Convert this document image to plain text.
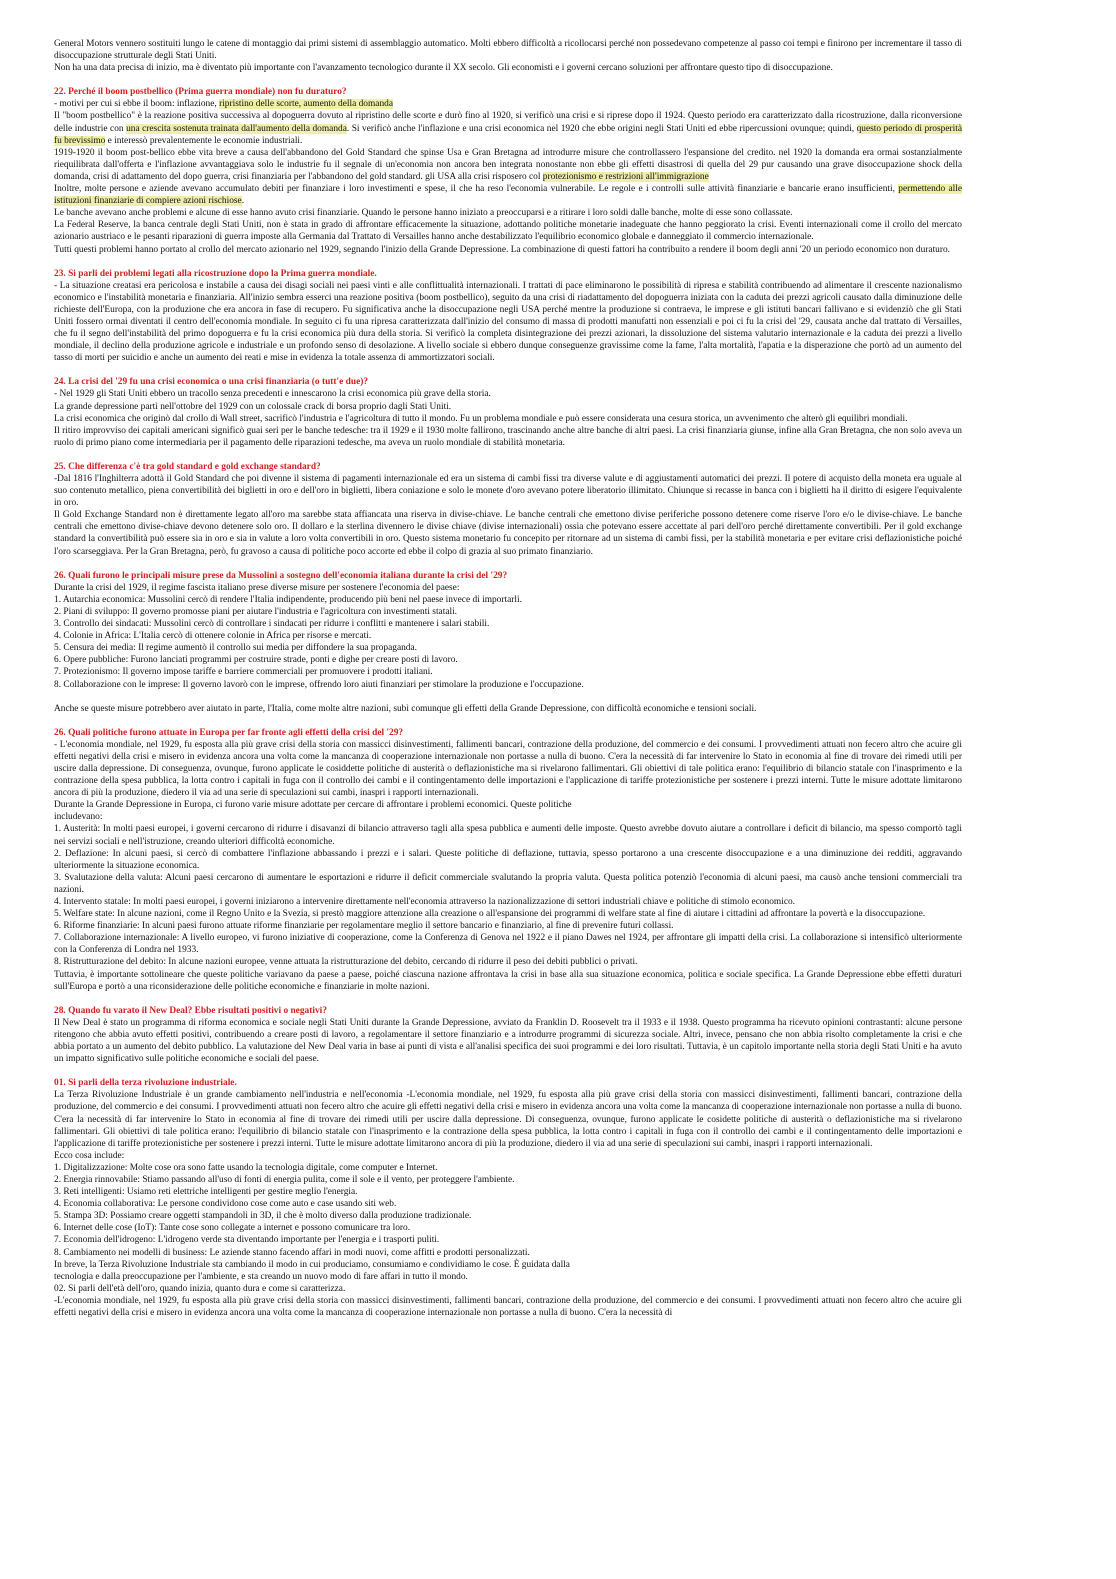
General Motors vennero sostituiti lungo le catene di montaggio dai primi sistemi di assemblaggio automatico. Molti ebbero difficoltà a ricollocarsi perché non possedevano competenze al passo coi tempi e finirono per incrementare il tasso di disoccupazione strutturale degli Stati Uniti.

Non ha una data precisa di inizio, ma è diventato più importante con l'avanzamento tecnologico durante il XX secolo. Gli economisti e i governi cercano soluzioni per affrontare questo tipo di disoccupazione.

22. Perché il boom postbellico (Prima guerra mondiale) non fu duraturo?

- motivi per cui si ebbe il boom: inflazione, ripristino delle scorte, aumento della domanda

Il "boom postbellico" è la reazione positiva successiva al dopoguerra dovuto al ripristino delle scorte e durò fino al 1920, si verificò una crisi e si riprese dopo il 1924. Questo periodo era caratterizzato dalla ricostruzione, dalla riconversione delle industrie con una crescita sostenuta trainata dall'aumento della domanda. Si verificò anche l'inflazione e una crisi economica nel 1920 che ebbe origini negli Stati Uniti ed ebbe ripercussioni ovunque; quindi, questo periodo di prosperità fu brevissimo e interessò prevalentemente le economie industriali.

1919-1920 il boom post-bellico ebbe vita breve a causa dell'abbandono del Gold Standard che spinse Usa e Gran Bretagna ad introdurre misure che controllassero l'espansione del credito. nel 1920 la domanda era ormai sostanzialmente riequilibrata dall'offerta e l'inflazione avvantaggiava solo le industrie fu il segnale di un'economia non ancora ben integrata nonostante non ebbe gli effetti disastrosi di quella del 29 pur causando una grave disoccupazione shock della domanda, crisi di adattamento del dopo guerra, crisi finanziaria per l'abbandono del gold standard. gli USA alla crisi risposero col protezionismo e restrizioni all'immigrazione

Inoltre, molte persone e aziende avevano accumulato debiti per finanziare i loro investimenti e spese, il che ha reso l'economia vulnerabile. Le regole e i controlli sulle attività finanziarie e bancarie erano insufficienti, permettendo alle istituzioni finanziarie di compiere azioni rischiose.

Le banche avevano anche problemi e alcune di esse hanno avuto crisi finanziarie. Quando le persone hanno iniziato a preoccuparsi e a ritirare i loro soldi dalle banche, molte di esse sono collassate.

La Federal Reserve, la banca centrale degli Stati Uniti, non è stata in grado di affrontare efficacemente la situazione, adottando politiche monetarie inadeguate che hanno peggiorato la crisi. Eventi internazionali come il crollo del mercato azionario austriaco e le pesanti riparazioni di guerra imposte alla Germania dal Trattato di Versailles hanno anche destabilizzato l'equilibrio economico globale e danneggiato il commercio internazionale.

Tutti questi problemi hanno portato al crollo del mercato azionario nel 1929, segnando l'inizio della Grande Depressione. La combinazione di questi fattori ha contribuito a rendere il boom degli anni '20 un periodo economico non duraturo.

23. Si parli dei problemi legati alla ricostruzione dopo la Prima guerra mondiale.

- La situazione creatasi era pericolosa e instabile a causa dei disagi sociali nei paesi vinti e alle conflittualità internazionali. I trattati di pace eliminarono le possibilità di ripresa e stabilità contribuendo ad alimentare il crescente nazionalismo economico e l'instabilità monetaria e finanziaria. All'inizio sembra esserci una reazione positiva (boom postbellico), seguito da una crisi di riadattamento del dopoguerra iniziata con la caduta dei prezzi agricoli causato dalla diminuzione delle richieste dell'Europa, con la produzione che era ancora in fase di recupero. Fu significativa anche la disoccupazione negli USA perché mentre la produzione si contraeva, le imprese e gli istituti bancari fallivano e si evidenziò che gli Stati Uniti fossero ormai diventati il centro dell'economia mondiale. In seguito ci fu una ripresa caratterizzata dall'inizio del consumo di massa di prodotti manufatti non essenziali e poi ci fu la crisi del '29, causata anche dal trattato di Versailles, che fu il segno dell'instabilità del primo dopoguerra e fu la crisi economica più dura della storia. Si verificò la completa disintegrazione dei prezzi azionari, la dissoluzione del sistema valutario internazionale e la caduta dei prezzi a livello mondiale, il declino della produzione agricole e industriale e un profondo senso di desolazione. A livello sociale si ebbero dunque conseguenze gravissime come la fame, l'alta mortalità, l'apatia e la disperazione che portò ad un aumento del tasso di morti per suicidio e anche un aumento dei reati e mise in evidenza la totale assenza di ammortizzatori sociali.

24. La crisi del '29 fu una crisi economica o una crisi finanziaria (o tutt'e due)?

- Nel 1929 gli Stati Uniti ebbero un tracollo senza precedenti e innescarono la crisi economica più grave della storia.

La grande depressione partì nell'ottobre del 1929 con un colossale crack di borsa proprio dagli Stati Uniti.

La crisi economica che originò dal crollo di Wall street, sacrificò l'industria e l'agricoltura di tutto il mondo. Fu un problema mondiale e può essere considerata una cesura storica, un avvenimento che alterò gli equilibri mondiali.

Il ritiro improvviso dei capitali americani significò guai seri per le banche tedesche: tra il 1929 e il 1930 molte fallirono, trascinando anche altre banche di altri paesi. La crisi finanziaria giunse, infine alla Gran Bretagna, che non solo aveva un ruolo di primo piano come intermediaria per il pagamento delle riparazioni tedesche, ma aveva un ruolo mondiale di stabilità monetaria.

25. Che differenza c'è tra gold standard e gold exchange standard?

-Dal 1816 l'Inghilterra adottà il Gold Standard che poi divenne il sistema di pagamenti internazionale ed era un sistema di cambi fissi tra diverse valute e di aggiustamenti automatici dei prezzi. Il potere di acquisto della moneta era uguale al suo contenuto metallico, piena convertibilità dei biglietti in oro e dell'oro in biglietti, libera coniazione e solo le monete d'oro avevano potere liberatorio illimitato. Chiunque si recasse in banca con i biglietti ha il diritto di esigere l'equivalente in oro.

Il Gold Exchange Standard non è direttamente legato all'oro ma sarebbe stata affiancata una riserva in divise-chiave. Le banche centrali che emettono divise periferiche possono detenere come riserve l'oro e/o le divise-chiave. Le banche centrali che emettono divise-chiave devono detenere solo oro. Il dollaro e la sterlina divennero le divise chiave (divise internazionali) ossia che potevano essere accettate al pari dell'oro perché direttamente convertibili. Per il gold exchange standard la convertibilità può essere sia in oro e sia in valute a loro volta convertibili in oro. Questo sistema monetario fu concepito per ritornare ad un sistema di cambi fissi, per la stabilità monetaria e per evitare crisi deflazionistiche poiché l'oro scarseggiava. Per la Gran Bretagna, però, fu gravoso a causa di politiche poco accorte ed ebbe il colpo di grazia al suo primato finanziario.

26. Quali furono le principali misure prese da Mussolini a sostegno dell'economia italiana durante la crisi del '29?

Durante la crisi del 1929, il regime fascista italiano prese diverse misure per sostenere l'economia del paese:

1. Autarchia economica: Mussolini cercò di rendere l'Italia indipendente, producendo più beni nel paese invece di importarli.

2. Piani di sviluppo: Il governo promosse piani per aiutare l'industria e l'agricoltura con investimenti statali.

3. Controllo dei sindacati: Mussolini cercò di controllare i sindacati per ridurre i conflitti e mantenere i salari stabili.

4. Colonie in Africa: L'Italia cercò di ottenere colonie in Africa per risorse e mercati.

5. Censura dei media: Il regime aumentò il controllo sui media per diffondere la sua propaganda.

6. Opere pubbliche: Furono lanciati programmi per costruire strade, ponti e dighe per creare posti di lavoro.

7. Protezionismo: Il governo impose tariffe e barriere commerciali per promuovere i prodotti italiani.

8. Collaborazione con le imprese: Il governo lavorò con le imprese, offrendo loro aiuti finanziari per stimolare la produzione e l'occupazione.

Anche se queste misure potrebbero aver aiutato in parte, l'Italia, come molte altre nazioni, subì comunque gli effetti della Grande Depressione, con difficoltà economiche e tensioni sociali.

26. Quali politiche furono attuate in Europa per far fronte agli effetti della crisi del '29?

- L'economia mondiale, nel 1929, fu esposta alla più grave crisi della storia con massicci disinvestimenti, fallimenti bancari, contrazione della produzione, del commercio e dei consumi. I provvedimenti attuati non fecero altro che acuire gli effetti negativi della crisi e misero in evidenza ancora una volta come la mancanza di cooperazione internazionale non portasse a nulla di buono. C'era la necessità di far intervenire lo Stato in economia al fine di trovare dei rimedi utili per uscire dalla depressione. Di conseguenza, ovunque, furono applicate le cosiddette politiche di austerità o deflazionistiche ma si rivelarono fallimentari. Gli obiettivi di tale politica erano: l'equilibrio di bilancio statale con l'inasprimento e la contrazione della spesa pubblica, la lotta contro i capitali in fuga con il controllo dei cambi e il contingentamento delle importazioni e l'applicazione di tariffe protezionistiche per sostenere i prezzi interni. Tutte le misure adottate limitarono ancora di più la produzione, diedero il via ad una serie di speculazioni sui cambi, inaspri i rapporti internazionali.

Durante la Grande Depressione in Europa, ci furono varie misure adottate per cercare di affrontare i problemi economici. Queste politiche

includevano:

1. Austerità: In molti paesi europei, i governi cercarono di ridurre i disavanzi di bilancio attraverso tagli alla spesa pubblica e aumenti delle imposte. Questo avrebbe dovuto aiutare a controllare i deficit di bilancio, ma spesso comportò tagli nei servizi sociali e nell'istruzione, creando ulteriori difficoltà economiche.

2. Deflazione: In alcuni paesi, si cercò di combattere l'inflazione abbassando i prezzi e i salari. Queste politiche di deflazione, tuttavia, spesso portarono a una crescente disoccupazione e a una diminuzione dei redditi, aggravando ulteriormente la situazione economica.

3. Svalutazione della valuta: Alcuni paesi cercarono di aumentare le esportazioni e ridurre il deficit commerciale svalutando la propria valuta. Questa politica potenziò l'economia di alcuni paesi, ma causò anche tensioni commerciali tra nazioni.

4. Intervento statale: In molti paesi europei, i governi iniziarono a intervenire direttamente nell'economia attraverso la nazionalizzazione di settori industriali chiave e politiche di stimolo economico.

5. Welfare state: In alcune nazioni, come il Regno Unito e la Svezia, si prestò maggiore attenzione alla creazione o all'espansione dei programmi di welfare state al fine di aiutare i cittadini ad affrontare la povertà e la disoccupazione.

6. Riforme finanziarie: In alcuni paesi furono attuate riforme finanziarie per regolamentare meglio il settore bancario e finanziario, al fine di prevenire futuri collassi.

7. Collaborazione internazionale: A livello europeo, vi furono iniziative di cooperazione, come la Conferenza di Genova nel 1922 e il piano Dawes nel 1924, per affrontare gli impatti della crisi. La collaborazione si intensificò ulteriormente con la Conferenza di Londra nel 1933.

8. Ristrutturazione del debito: In alcune nazioni europee, venne attuata la ristrutturazione del debito, cercando di ridurre il peso dei debiti pubblici o privati.

Tuttavia, è importante sottolineare che queste politiche variavano da paese a paese, poiché ciascuna nazione affrontava la crisi in base alla sua situazione economica, politica e sociale specifica. La Grande Depressione ebbe effetti duraturi sull'Europa e portò a una riconsiderazione delle politiche economiche e finanziarie in molte nazioni.

28. Quando fu varato il New Deal? Ebbe risultati positivi o negativi?

Il New Deal è stato un programma di riforma economica e sociale negli Stati Uniti durante la Grande Depressione, avviato da Franklin D. Roosevelt tra il 1933 e il 1938. Questo programma ha ricevuto opinioni contrastanti: alcune persone ritengono che abbia avuto effetti positivi, contribuendo a creare posti di lavoro, a regolamentare il settore finanziario e a introdurre programmi di sicurezza sociale. Altri, invece, pensano che non abbia risolto completamente la crisi e che abbia portato a un aumento del debito pubblico. La valutazione del New Deal varia in base ai punti di vista e all'analisi specifica dei suoi programmi e dei loro risultati. Tuttavia, è un capitolo importante nella storia degli Stati Uniti e ha avuto un impatto significativo sulle politiche economiche e sociali del paese.

01. Si parli della terza rivoluzione industriale.

La Terza Rivoluzione Industriale è un grande cambiamento nell'industria e nell'economia -L'economia mondiale, nel 1929, fu esposta alla più grave crisi della storia con massicci disinvestimenti, fallimenti bancari, contrazione della produzione, del commercio e dei consumi. I provvedimenti attuati non fecero altro che acuire gli effetti negativi della crisi e misero in evidenza ancora una volta come la mancanza di cooperazione internazionale non portasse a nulla di buono. C'era la necessità di far intervenire lo Stato in economia al fine di trovare dei rimedi utili per uscire dalla depressione. Di conseguenza, ovunque, furono applicate le cosidette politiche di austerità o deflazionistiche ma si rivelarono fallimentari. Gli obiettivi di tale politica erano: l'equilibrio di bilancio statale con l'inasprimento e la contrazione della spesa pubblica, la lotta contro i capitali in fuga con il controllo dei cambi e il contingentamento delle importazioni e l'applicazione di tariffe protezionistiche per sostenere i prezzi interni. Tutte le misure adottate limitarono ancora di più la produzione, diedero il via ad una serie di speculazioni sui cambi, inaspri i rapporti internazionali.

Ecco cosa include:

1. Digitalizzazione: Molte cose ora sono fatte usando la tecnologia digitale, come computer e Internet.

2. Energia rinnovabile: Stiamo passando all'uso di fonti di energia pulita, come il sole e il vento, per proteggere l'ambiente.

3. Reti intelligenti: Usiamo reti elettriche intelligenti per gestire meglio l'energia.

4. Economia collaborativa: Le persone condividono cose come auto e case usando siti web.

5. Stampa 3D: Possiamo creare oggetti stampandoli in 3D, il che è molto diverso dalla produzione tradizionale.

6. Internet delle cose (IoT): Tante cose sono collegate a internet e possono comunicare tra loro.

7. Economia dell'idrogeno: L'idrogeno verde sta diventando importante per l'energia e i trasporti puliti.

8. Cambiamento nei modelli di business: Le aziende stanno facendo affari in modi nuovi, come affitti e prodotti personalizzati.

In breve, la Terza Rivoluzione Industriale sta cambiando il modo in cui produciamo, consumiamo e condividiamo le cose. È guidata dalla

tecnologia e dalla preoccupazione per l'ambiente, e sta creando un nuovo modo di fare affari in tutto il mondo.

02. Si parli dell'età dell'oro, quando inizia, quanto dura e come si caratterizza.

-L'economia mondiale, nel 1929, fu esposta alla più grave crisi della storia con massicci disinvestimenti, fallimenti bancari, contrazione della produzione, del commercio e dei consumi. I provvedimenti attuati non fecero altro che acuire gli effetti negativi della crisi e misero in evidenza ancora una volta come la mancanza di cooperazione internazionale non portasse a nulla di buono. C'era la necessità di
